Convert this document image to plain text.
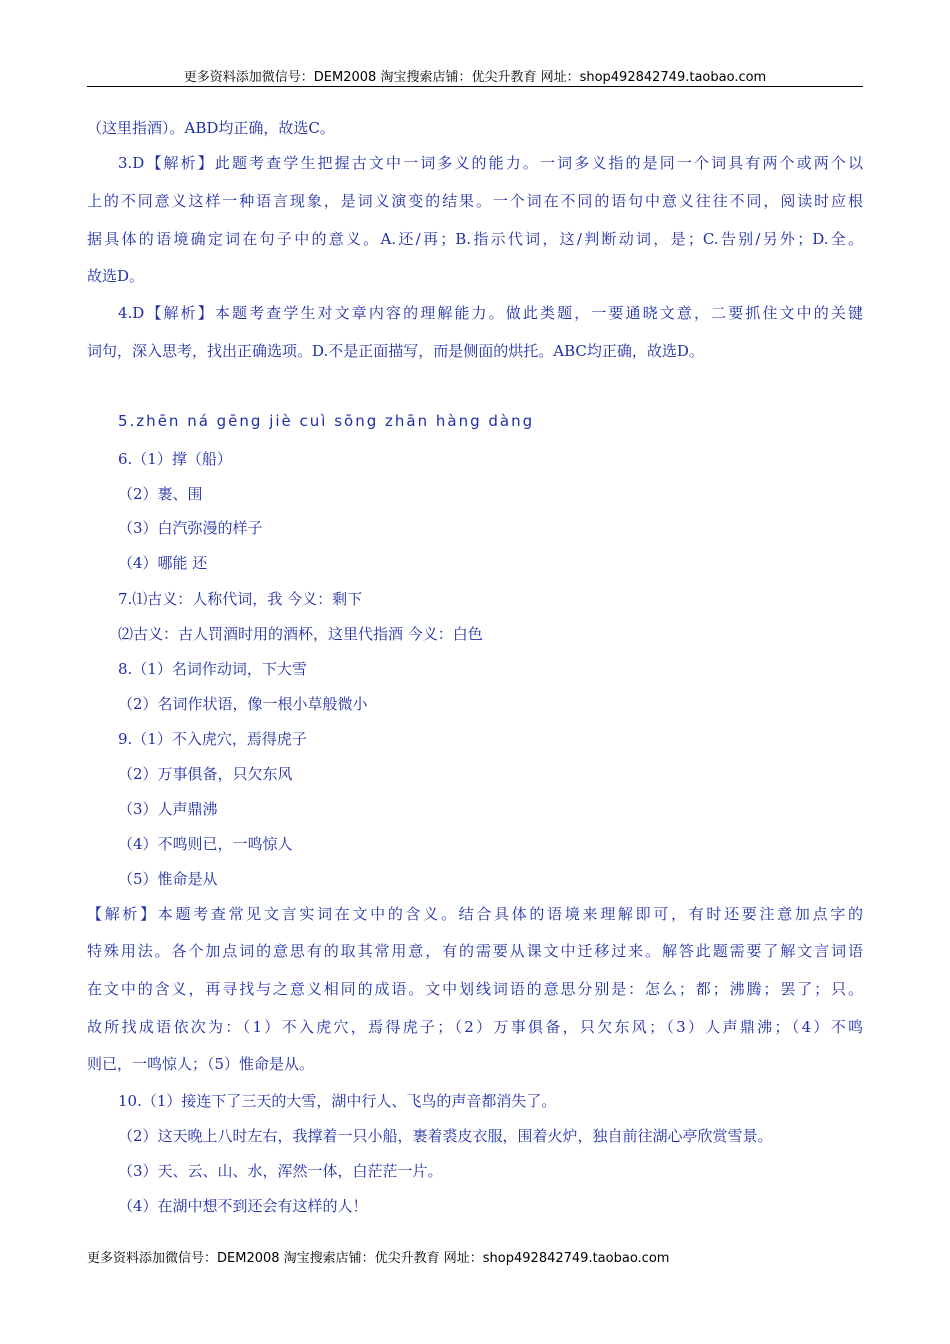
更多资料添加微信号：DEM2008 淘宝搜索店铺：优尖升教育 网址：shop492842749.taobao.com
（这里指酒）。ABD均正确，故选C。
3.D【解析】此题考查学生把握古文中一词多义的能力。一词多义指的是同一个词具有两个或两个以
上的不同意义这样一种语言现象，是词义演变的结果。一个词在不同的语句中意义往往不同，阅读时应根
据具体的语境确定词在句子中的意义。A.还/再；B.指示代词，这/判断动词，是；C.告别/另外；D.全。
故选D。
4.D【解析】本题考查学生对文章内容的理解能力。做此类题，一要通晓文意，二要抓住文中的关键
词句，深入思考，找出正确选项。D.不是正面描写，而是侧面的烘托。ABC均正确，故选D。
5.zhēn ná gēng jiè cuì sōng zhān hàng dàng
6.（1）撑（船）
（2）裹、围
（3）白汽弥漫的样子
（4）哪能 还
7.⑴古义：人称代词，我 今义：剩下
⑵古义：古人罚酒时用的酒杯，这里代指酒 今义：白色
8.（1）名词作动词，下大雪
（2）名词作状语，像一根小草般微小
9.（1）不入虎穴，焉得虎子
（2）万事俱备，只欠东风
（3）人声鼎沸
（4）不鸣则已，一鸣惊人
（5）惟命是从
【解析】本题考查常见文言实词在文中的含义。结合具体的语境来理解即可，有时还要注意加点字的
特殊用法。各个加点词的意思有的取其常用意，有的需要从课文中迁移过来。解答此题需要了解文言词语
在文中的含义，再寻找与之意义相同的成语。文中划线词语的意思分别是：怎么；都；沸腾；罢了；只。
故所找成语依次为：（1）不入虎穴，焉得虎子；（2）万事俱备，只欠东风；（3）人声鼎沸；（4）不鸣
则已，一鸣惊人；（5）惟命是从。
10.（1）接连下了三天的大雪，湖中行人、飞鸟的声音都消失了。
（2）这天晚上八时左右，我撑着一只小船，裹着裘皮衣服，围着火炉，独自前往湖心亭欣赏雪景。
（3）天、云、山、水，浑然一体，白茫茫一片。
（4）在湖中想不到还会有这样的人！
更多资料添加微信号：DEM2008 淘宝搜索店铺：优尖升教育 网址：shop492842749.taobao.com
